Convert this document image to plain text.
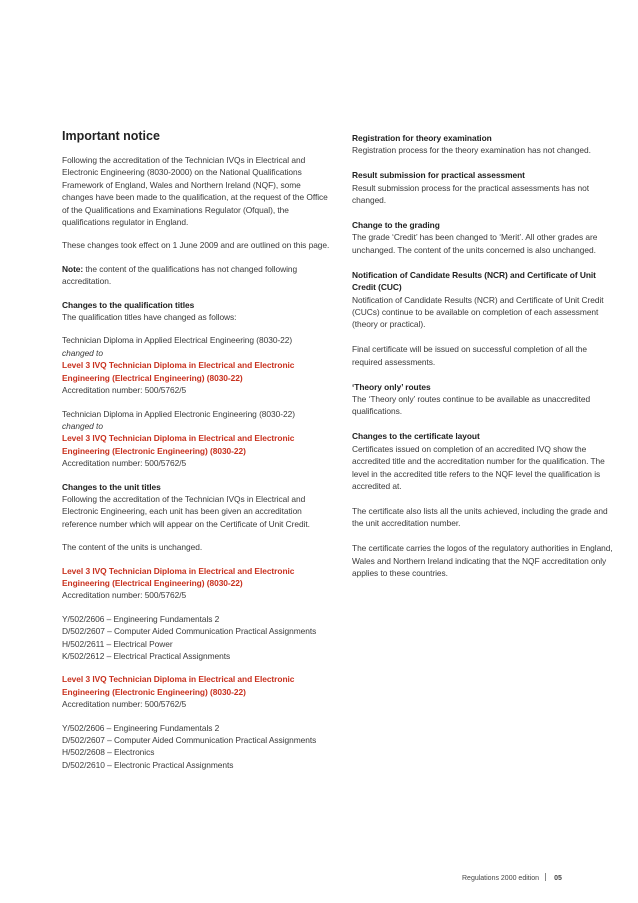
Important notice

Following the accreditation of the Technician IVQs in Electrical and Electronic Engineering (8030-2000) on the National Qualifications Framework of England, Wales and Northern Ireland (NQF), some changes have been made to the qualification, at the request of the Office of the Qualifications and Examinations Regulator (Ofqual), the qualifications regulator in England.

These changes took effect on 1 June 2009 and are outlined on this page.

Note: the content of the qualifications has not changed following accreditation.

Changes to the qualification titles
The qualification titles have changed as follows:

Technician Diploma in Applied Electrical Engineering (8030-22)
changed to
Level 3 IVQ Technician Diploma in Electrical and Electronic Engineering (Electrical Engineering) (8030-22)
Accreditation number: 500/5762/5

Technician Diploma in Applied Electronic Engineering (8030-22)
changed to
Level 3 IVQ Technician Diploma in Electrical and Electronic Engineering (Electronic Engineering) (8030-22)
Accreditation number: 500/5762/5

Changes to the unit titles
Following the accreditation of the Technician IVQs in Electrical and Electronic Engineering, each unit has been given an accreditation reference number which will appear on the Certificate of Unit Credit.

The content of the units is unchanged.

Level 3 IVQ Technician Diploma in Electrical and Electronic Engineering (Electrical Engineering) (8030-22)
Accreditation number: 500/5762/5

Y/502/2606 – Engineering Fundamentals 2
D/502/2607 – Computer Aided Communication Practical Assignments
H/502/2611 – Electrical Power
K/502/2612 – Electrical Practical Assignments

Level 3 IVQ Technician Diploma in Electrical and Electronic Engineering (Electronic Engineering) (8030-22)
Accreditation number: 500/5762/5

Y/502/2606 – Engineering Fundamentals 2
D/502/2607 – Computer Aided Communication Practical Assignments
H/502/2608 – Electronics
D/502/2610 – Electronic Practical Assignments

Registration for theory examination
Registration process for the theory examination has not changed.

Result submission for practical assessment
Result submission process for the practical assessments has not changed.

Change to the grading
The grade ‘Credit’ has been changed to ‘Merit’. All other grades are unchanged. The content of the units concerned is also unchanged.

Notification of Candidate Results (NCR) and Certificate of Unit Credit (CUC)
Notification of Candidate Results (NCR) and Certificate of Unit Credit (CUCs) continue to be available on completion of each assessment (theory or practical).

Final certificate will be issued on successful completion of all the required assessments.

‘Theory only’ routes
The ‘Theory only’ routes continue to be available as unaccredited qualifications.

Changes to the certificate layout
Certificates issued on completion of an accredited IVQ show the accredited title and the accreditation number for the qualification. The level in the accredited title refers to the NQF level the qualification is accredited at.

The certificate also lists all the units achieved, including the grade and the unit accreditation number.

The certificate carries the logos of the regulatory authorities in England, Wales and Northern Ireland indicating that the NQF accreditation only applies to these countries.

Regulations 2000 edition 05
